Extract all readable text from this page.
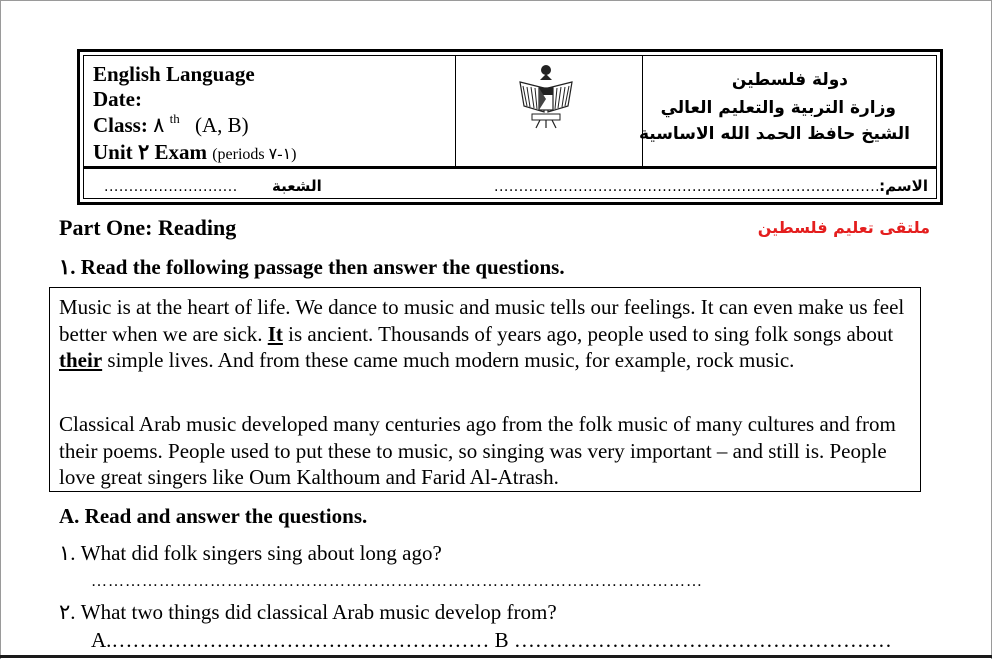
English Language
Date:
Class: ٨ $^{th}$ (A, B)
Unit ٢ Exam (periods ١-٧)
دولة فلسطين
وزارة التربية والتعليم العالي
الشيخ حافظ الحمد الله الاساسية
الاسم:
...............................................................................
الشعبة
...........................
Part One: Reading	ملتقى تعليم فلسطين
١. Read the following passage then answer the questions.
Music is at the heart of life. We dance to music and music tells our feelings. It can even make us feel better when we are sick. It is ancient. Thousands of years ago, people used to sing folk songs about their simple lives. And from these came much modern music, for example, rock music.
Classical Arab music developed many centuries ago from the folk music of many cultures and from their poems. People used to put these to music, so singing was very important – and still is. People love great singers like Oum Kalthoum and Farid Al-Atrash.
A. Read and answer the questions.
١. What did folk singers sing about long ago?
………………………………………………………………………………………………
٢. What two things did classical Arab music develop from?
A.……………………………………………… B ………………………………………………
